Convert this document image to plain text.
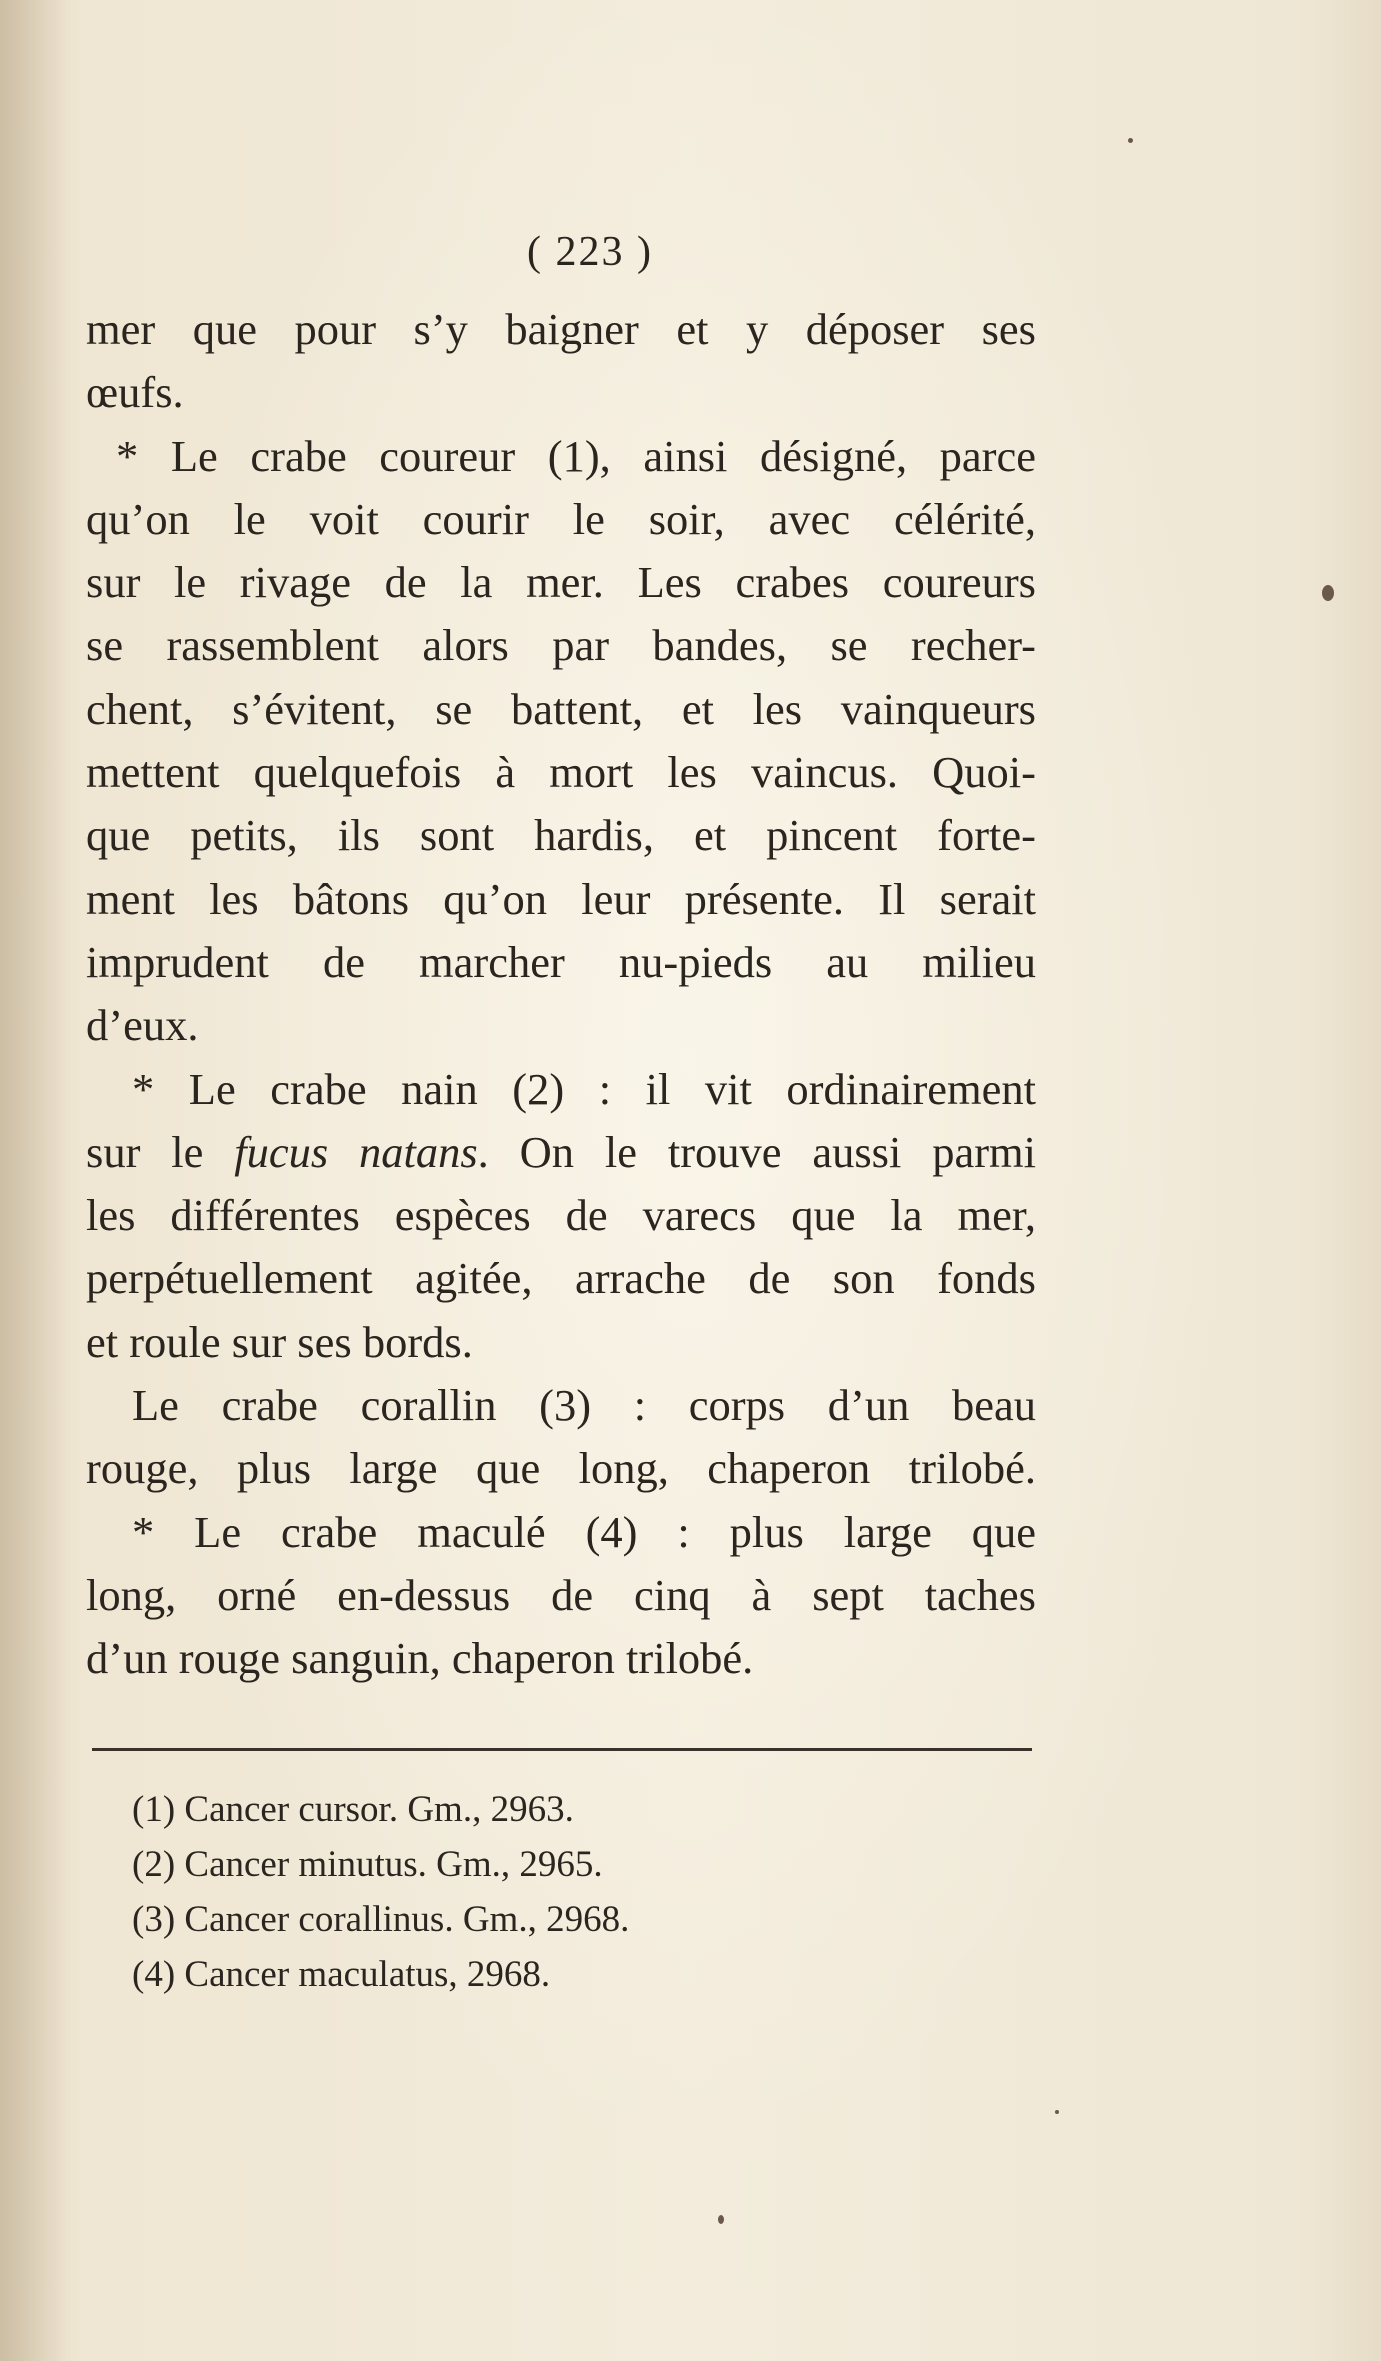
( 223 )
mer que pour s’y baigner et y déposer ses
œufs.
* Le crabe coureur (1), ainsi désigné, parce
qu’on le voit courir le soir, avec célérité,
sur le rivage de la mer. Les crabes coureurs
se rassemblent alors par bandes, se recher-
chent, s’évitent, se battent, et les vainqueurs
mettent quelquefois à mort les vaincus. Quoi-
que petits, ils sont hardis, et pincent forte-
ment les bâtons qu’on leur présente. Il serait
imprudent de marcher nu-pieds au milieu
d’eux.
* Le crabe nain (2) : il vit ordinairement
sur le fucus natans. On le trouve aussi parmi
les différentes espèces de varecs que la mer,
perpétuellement agitée, arrache de son fonds
et roule sur ses bords.
Le crabe corallin (3) : corps d’un beau
rouge, plus large que long, chaperon trilobé.
* Le crabe maculé (4) : plus large que
long, orné en-dessus de cinq à sept taches
d’un rouge sanguin, chaperon trilobé.
(1) Cancer cursor. Gm., 2963.
(2) Cancer minutus. Gm., 2965.
(3) Cancer corallinus. Gm., 2968.
(4) Cancer maculatus, 2968.
